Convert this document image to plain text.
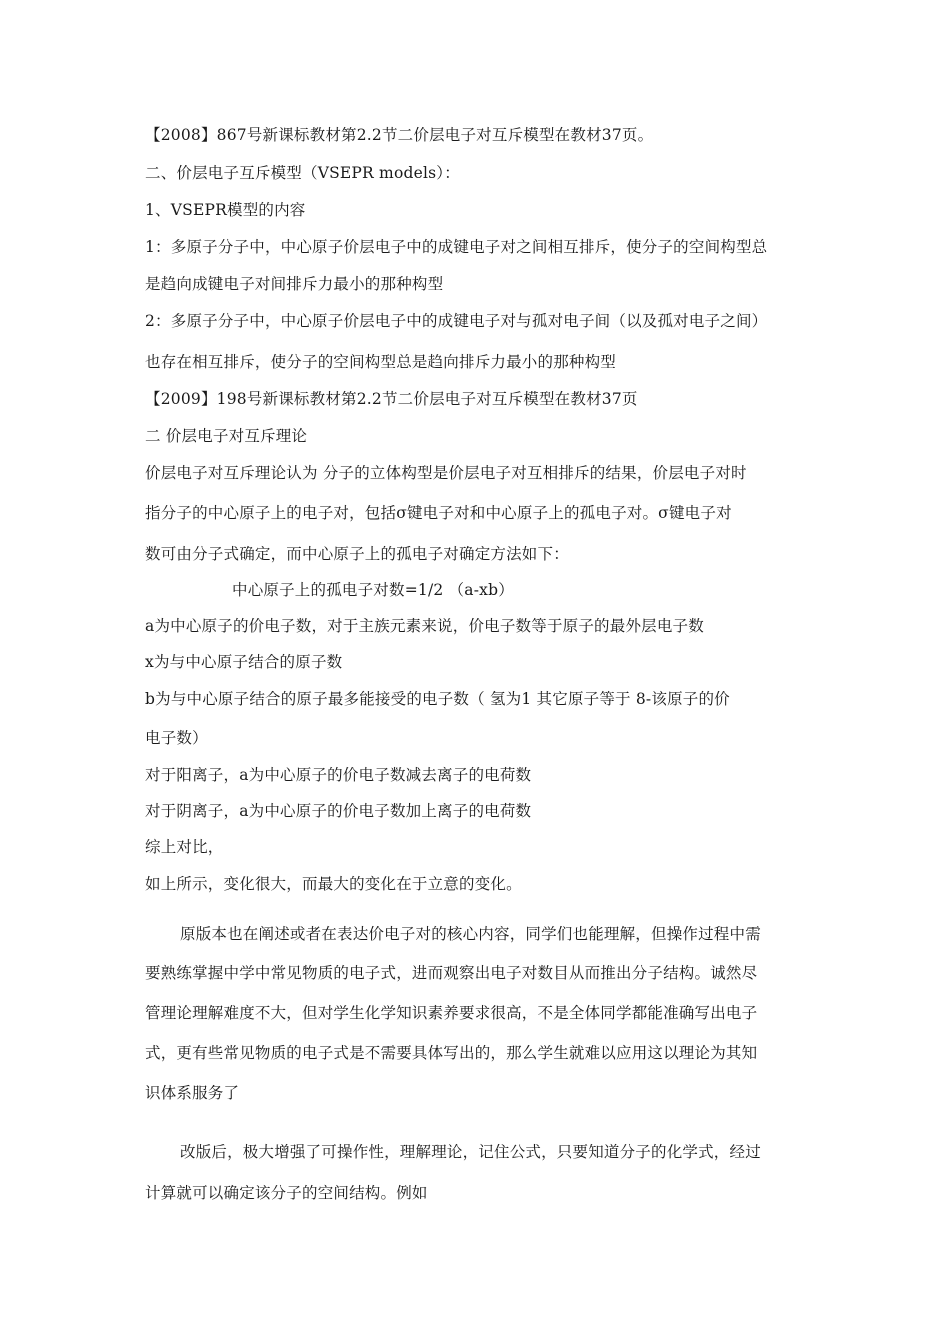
【2008】867号新课标教材第2.2节二价层电子对互斥模型在教材37页。

二、价层电子互斥模型（VSEPR models）：

1、VSEPR模型的内容

1：多原子分子中，中心原子价层电子中的成键电子对之间相互排斥，使分子的空间构型总

是趋向成键电子对间排斥力最小的那种构型

2：多原子分子中，中心原子价层电子中的成键电子对与孤对电子间（以及孤对电子之间）

也存在相互排斥，使分子的空间构型总是趋向排斥力最小的那种构型

【2009】198号新课标教材第2.2节二价层电子对互斥模型在教材37页

二 价层电子对互斥理论

价层电子对互斥理论认为 分子的立体构型是价层电子对互相排斥的结果，价层电子对时

指分子的中心原子上的电子对，包括σ键电子对和中心原子上的孤电子对。σ键电子对

数可由分子式确定，而中心原子上的孤电子对确定方法如下：

中心原子上的孤电子对数=1/2 （a-xb）

a为中心原子的价电子数，对于主族元素来说，价电子数等于原子的最外层电子数

x为与中心原子结合的原子数

b为与中心原子结合的原子最多能接受的电子数（ 氢为1 其它原子等于 8-该原子的价

电子数）

对于阳离子，a为中心原子的价电子数减去离子的电荷数

对于阴离子，a为中心原子的价电子数加上离子的电荷数

综上对比，

如上所示，变化很大，而最大的变化在于立意的变化。

原版本也在阐述或者在表达价电子对的核心内容，同学们也能理解，但操作过程中需

要熟练掌握中学中常见物质的电子式，进而观察出电子对数目从而推出分子结构。诚然尽

管理论理解难度不大，但对学生化学知识素养要求很高，不是全体同学都能准确写出电子

式，更有些常见物质的电子式是不需要具体写出的，那么学生就难以应用这以理论为其知

识体系服务了

改版后，极大增强了可操作性，理解理论，记住公式，只要知道分子的化学式，经过

计算就可以确定该分子的空间结构。例如
